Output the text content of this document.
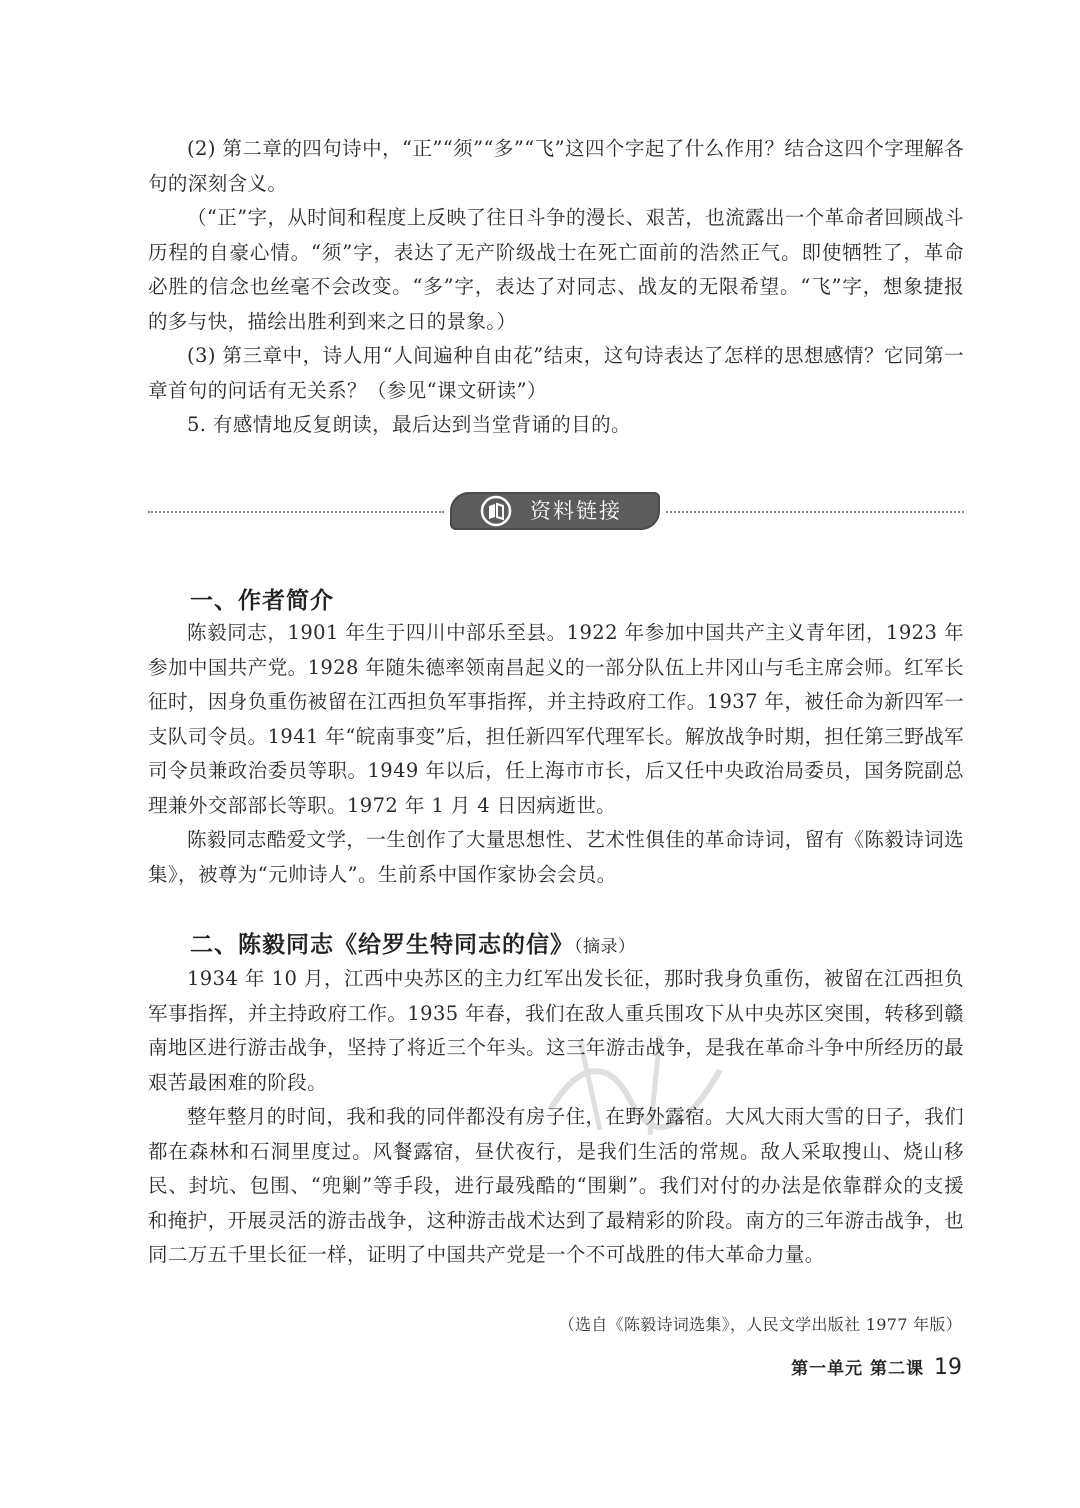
(2) 第二章的四句诗中，“正”“须”“多”“飞”这四个字起了什么作用？结合这四个字理解各句的深刻含义。

（“正”字，从时间和程度上反映了往日斗争的漫长、艰苦，也流露出一个革命者回顾战斗历程的自豪心情。“须”字，表达了无产阶级战士在死亡面前的浩然正气。即使牺牲了，革命必胜的信念也丝毫不会改变。“多”字，表达了对同志、战友的无限希望。“飞”字，想象捷报的多与快，描绘出胜利到来之日的景象。）

(3) 第三章中，诗人用“人间遍种自由花”结束，这句诗表达了怎样的思想感情？它同第一章首句的问话有无关系？（参见“课文研读”）

5. 有感情地反复朗读，最后达到当堂背诵的目的。

资料链接
一、作者简介

陈毅同志，1901 年生于四川中部乐至县。1922 年参加中国共产主义青年团，1923 年参加中国共产党。1928 年随朱德率领南昌起义的一部分队伍上井冈山与毛主席会师。红军长征时，因身负重伤被留在江西担负军事指挥，并主持政府工作。1937 年，被任命为新四军一支队司令员。1941 年“皖南事变”后，担任新四军代理军长。解放战争时期，担任第三野战军司令员兼政治委员等职。1949 年以后，任上海市市长，后又任中央政治局委员，国务院副总理兼外交部部长等职。1972 年 1 月 4 日因病逝世。

陈毅同志酷爱文学，一生创作了大量思想性、艺术性俱佳的革命诗词，留有《陈毅诗词选集》，被尊为“元帅诗人”。生前系中国作家协会会员。

二、陈毅同志《给罗生特同志的信》（摘录）

1934 年 10 月，江西中央苏区的主力红军出发长征，那时我身负重伤，被留在江西担负军事指挥，并主持政府工作。1935 年春，我们在敌人重兵围攻下从中央苏区突围，转移到赣南地区进行游击战争，坚持了将近三个年头。这三年游击战争，是我在革命斗争中所经历的最艰苦最困难的阶段。

整年整月的时间，我和我的同伴都没有房子住，在野外露宿。大风大雨大雪的日子，我们都在森林和石洞里度过。风餐露宿，昼伏夜行，是我们生活的常规。敌人采取搜山、烧山移民、封坑、包围、“兜剿”等手段，进行最残酷的“围剿”。我们对付的办法是依靠群众的支援和掩护，开展灵活的游击战争，这种游击战术达到了最精彩的阶段。南方的三年游击战争，也同二万五千里长征一样，证明了中国共产党是一个不可战胜的伟大革命力量。

（选自《陈毅诗词选集》，人民文学出版社 1977 年版）
第一单元 第二课 19
